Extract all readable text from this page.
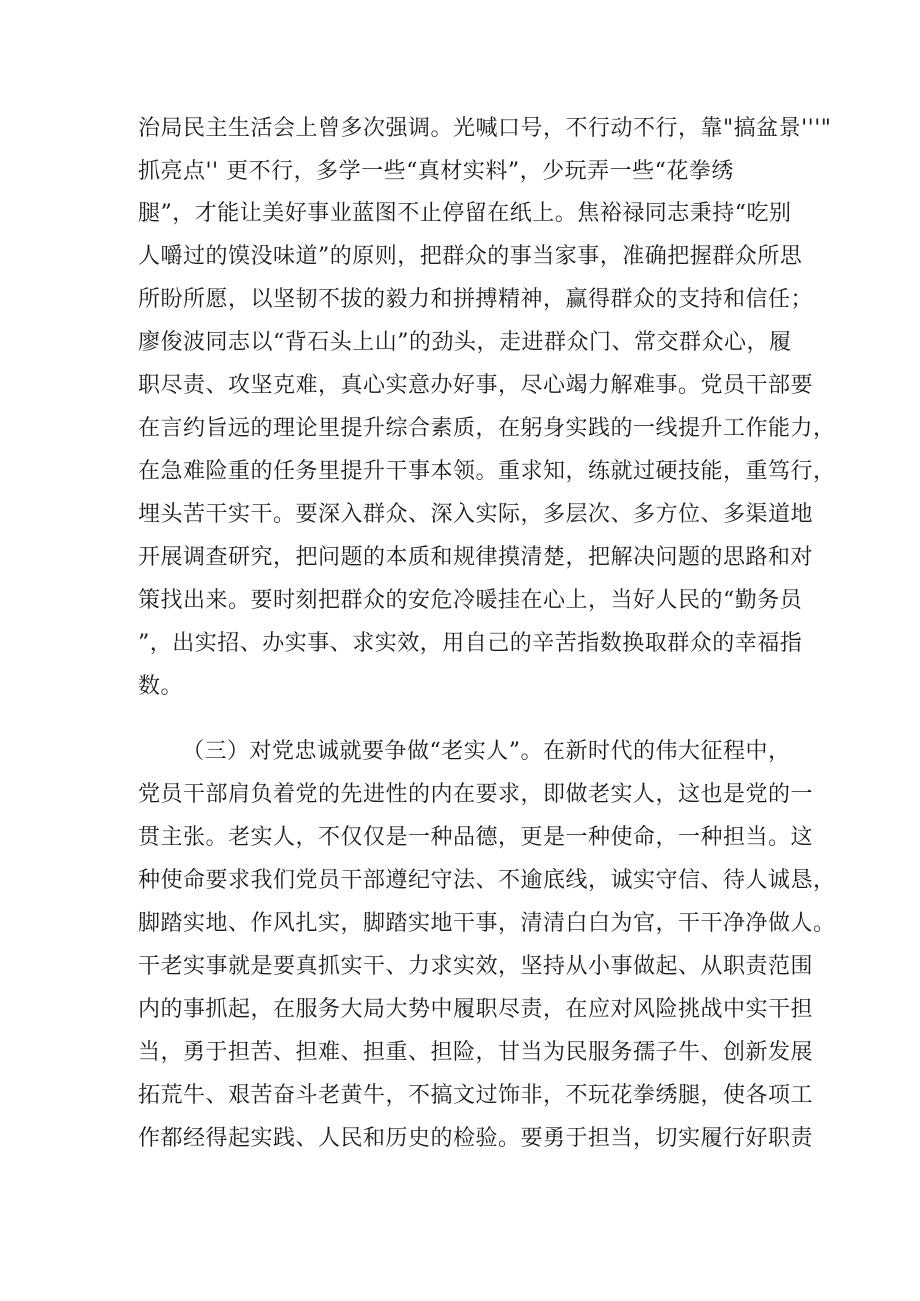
治局民主生活会上曾多次强调。光喊口号，不行动不行，靠"搞盆景'''"
抓亮点'' 更不行，多学一些“真材实料”，少玩弄一些“花拳绣
腿”，才能让美好事业蓝图不止停留在纸上。焦裕禄同志秉持“吃别
人嚼过的馍没味道”的原则，把群众的事当家事，准确把握群众所思
所盼所愿，以坚韧不拔的毅力和拼搏精神，赢得群众的支持和信任；
廖俊波同志以“背石头上山”的劲头，走进群众门、常交群众心，履
职尽责、攻坚克难，真心实意办好事，尽心竭力解难事。党员干部要
在言约旨远的理论里提升综合素质，在躬身实践的一线提升工作能力，
在急难险重的任务里提升干事本领。重求知，练就过硬技能，重笃行，
埋头苦干实干。要深入群众、深入实际，多层次、多方位、多渠道地
开展调查研究，把问题的本质和规律摸清楚，把解决问题的思路和对
策找出来。要时刻把群众的安危冷暖挂在心上，当好人民的“勤务员
”，出实招、办实事、求实效，用自己的辛苦指数换取群众的幸福指
数。
（三）对党忠诚就要争做“老实人”。在新时代的伟大征程中，
党员干部肩负着党的先进性的内在要求，即做老实人，这也是党的一
贯主张。老实人，不仅仅是一种品德，更是一种使命，一种担当。这
种使命要求我们党员干部遵纪守法、不逾底线，诚实守信、待人诚恳，
脚踏实地、作风扎实，脚踏实地干事，清清白白为官，干干净净做人。
干老实事就是要真抓实干、力求实效，坚持从小事做起、从职责范围
内的事抓起，在服务大局大势中履职尽责，在应对风险挑战中实干担
当，勇于担苦、担难、担重、担险，甘当为民服务孺子牛、创新发展
拓荒牛、艰苦奋斗老黄牛，不搞文过饰非，不玩花拳绣腿，使各项工
作都经得起实践、人民和历史的检验。要勇于担当，切实履行好职责
